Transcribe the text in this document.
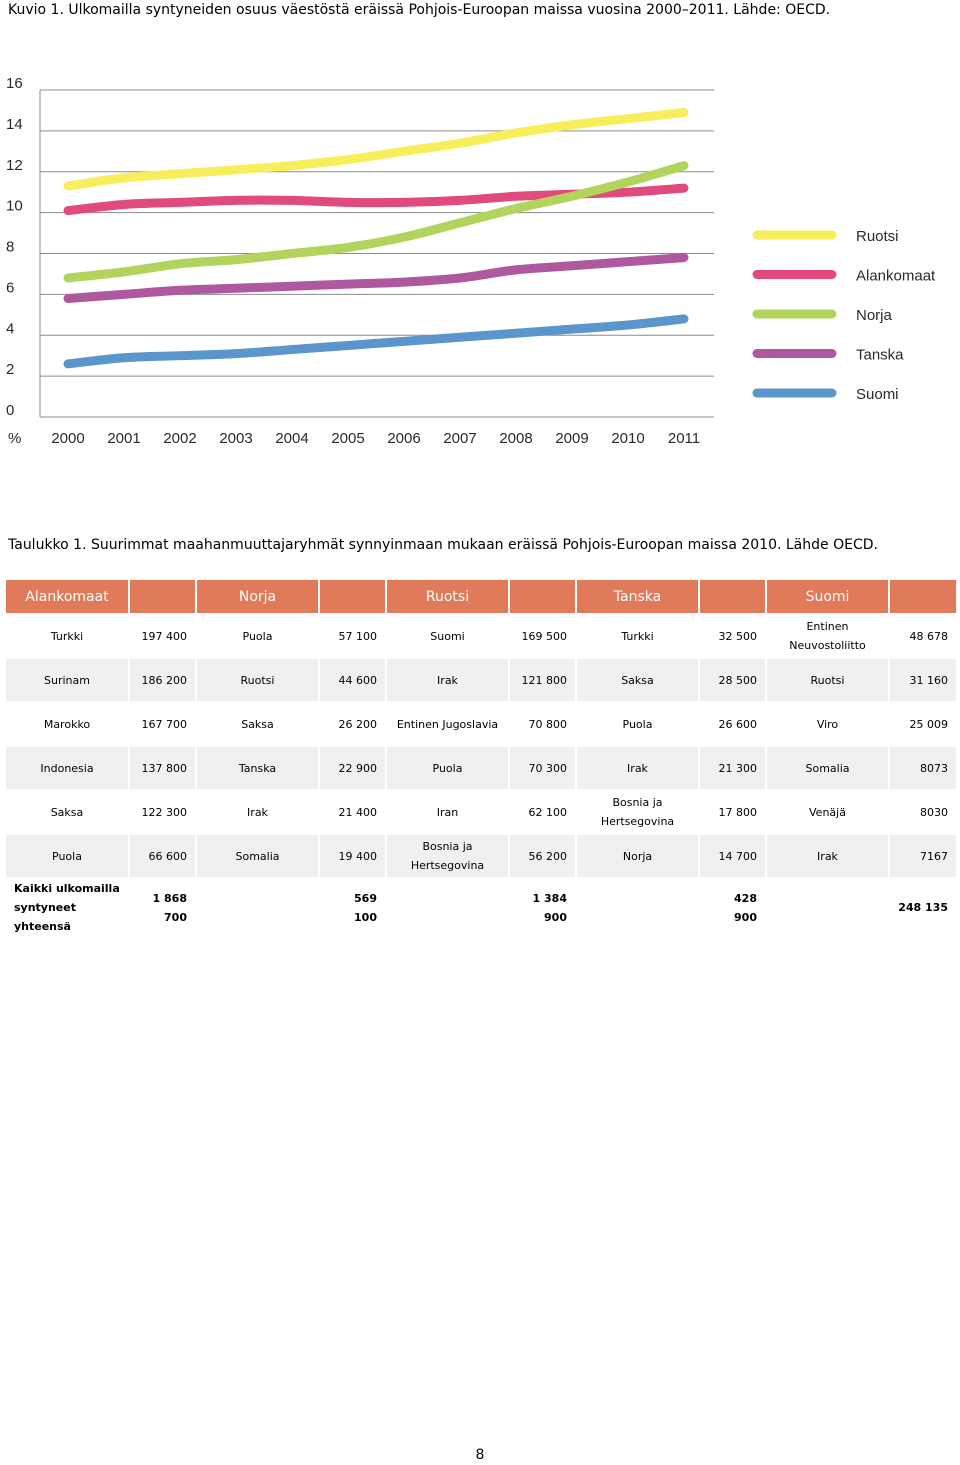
Kuvio 1. Ulkomailla syntyneiden osuus väestöstä eräissä Pohjois-Euroopan maissa vuosina 2000–2011. Lähde: OECD.
0
2
4
6
8
10
12
14
16
% 2000 2001 2002 2003 2004 2005 2006 2007 2008 2009 2010 2011
Ruotsi
Alankomaat
Norja
Tanska
Suomi
Taulukko 1. Suurimmat maahanmuuttajaryhmät synnyinmaan mukaan eräissä Pohjois-Euroopan maissa 2010. Lähde OECD.
Alankomaat		Norja		Ruotsi		Tanska		Suomi	
Turkki	197 400	Puola	57 100	Suomi	169 500	Turkki	32 500	Entinen Neuvostoliitto	48 678
Surinam	186 200	Ruotsi	44 600	Irak	121 800	Saksa	28 500	Ruotsi	31 160
Marokko	167 700	Saksa	26 200	Entinen Jugoslavia	70 800	Puola	26 600	Viro	25 009
Indonesia	137 800	Tanska	22 900	Puola	70 300	Irak	21 300	Somalia	8073
Saksa	122 300	Irak	21 400	Iran	62 100	Bosnia ja Hertsegovina	17 800	Venäjä	8030
Puola	66 600	Somalia	19 400	Bosnia ja Hertsegovina	56 200	Norja	14 700	Irak	7167
Kaikki ulkomailla syntyneet yhteensä	1 868 700		569 100		1 384 900		428 900		248 135
8
